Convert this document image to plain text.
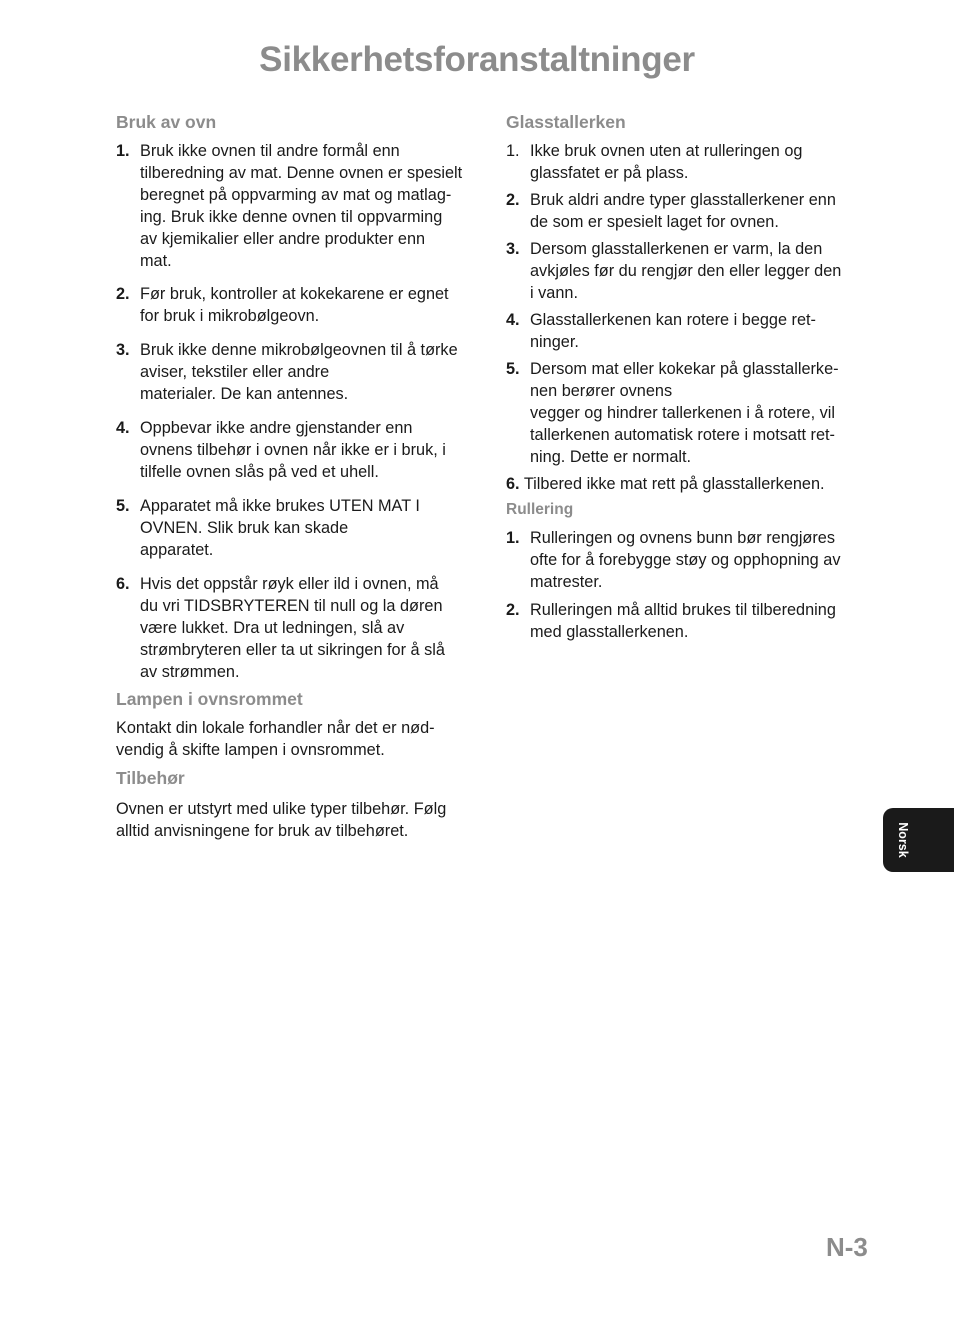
Sikkerhetsforanstaltninger
Bruk av ovn
1. Bruk ikke ovnen til andre formål enn
tilberedning av mat. Denne ovnen er spesielt
beregnet på oppvarming av mat og matlag-
ing. Bruk ikke denne ovnen til oppvarming
av kjemikalier eller andre produkter enn
mat.
2. Før bruk, kontroller at kokekarene er egnet
for bruk i mikrobølgeovn.
3. Bruk ikke denne mikrobølgeovnen til å tørke
aviser, tekstiler eller andre
materialer. De kan antennes.
4. Oppbevar ikke andre gjenstander enn
ovnens tilbehør i ovnen når ikke er i bruk, i
tilfelle ovnen slås på ved et uhell.
5. Apparatet må ikke brukes UTEN MAT I
OVNEN. Slik bruk kan skade
apparatet.
6. Hvis det oppstår røyk eller ild i ovnen, må
du vri TIDSBRYTEREN til null og la døren
være lukket. Dra ut ledningen, slå av
strømbryteren eller ta ut sikringen for å slå
av strømmen.
Lampen i ovnsrommet
Kontakt din lokale forhandler når det er nød-
vendig å skifte lampen i ovnsrommet.
Tilbehør
Ovnen er utstyrt med ulike typer tilbehør. Følg
alltid anvisningene for bruk av tilbehøret.
Glasstallerken
1. Ikke bruk ovnen uten at rulleringen og
glassfatet er på plass.
2. Bruk aldri andre typer glasstallerkener enn
de som er spesielt laget for ovnen.
3. Dersom glasstallerkenen er varm, la den
avkjøles før du rengjør den eller legger den
i vann.
4. Glasstallerkenen kan rotere i begge ret-
ninger.
5. Dersom mat eller kokekar på glasstallerke-
nen berører ovnens
vegger og hindrer tallerkenen i å rotere, vil
tallerkenen automatisk rotere i motsatt ret-
ning. Dette er normalt.
6. Tilbered ikke mat rett på glasstallerkenen.
Rullering
1. Rulleringen og ovnens bunn bør rengjøres
ofte for å forebygge støy og opphopning av
matrester.
2. Rulleringen må alltid brukes til tilberedning
med glasstallerkenen.
Norsk
N-3
